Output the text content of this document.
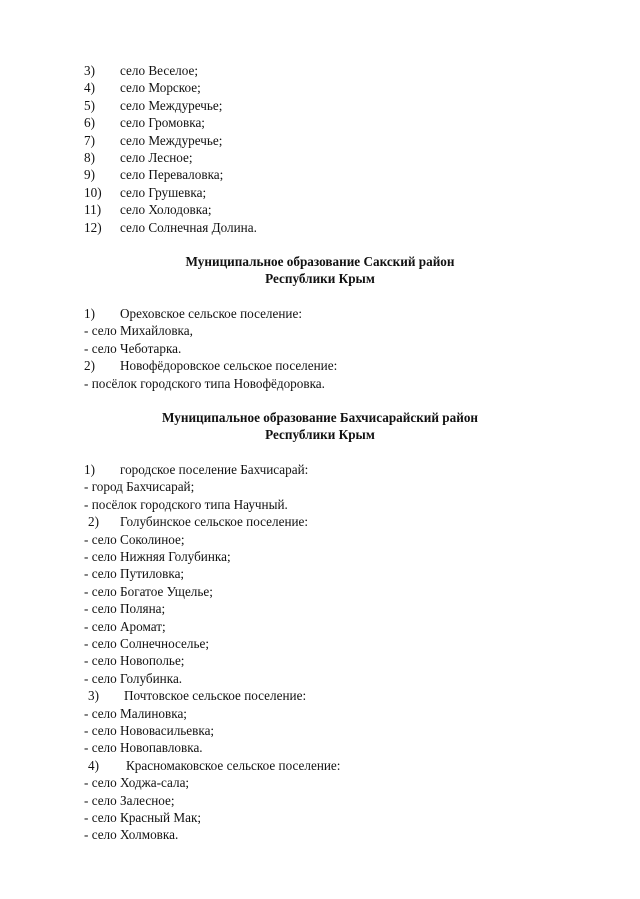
3) село Веселое;
4) село Морское;
5) село Междуречье;
6) село Громовка;
7) село Междуречье;
8) село Лесное;
9) село Переваловка;
10) село Грушевка;
11) село Холодовка;
12) село Солнечная Долина.
Муниципальное образование Сакский район
Республики Крым
1) Ореховское сельское поселение:
- село Михайловка,
- село Чеботарка.
2) Новофёдоровское сельское поселение:
- посёлок городского типа Новофёдоровка.
Муниципальное образование Бахчисарайский район
Республики Крым
1) городское поселение Бахчисарай:
- город Бахчисарай;
- посёлок городского типа Научный.
2) Голубинское сельское поселение:
- село Соколиное;
- село Нижняя Голубинка;
- село Путиловка;
- село Богатое Ущелье;
- село Поляна;
- село Аромат;
- село Солнечноселье;
- село Новополье;
- село Голубинка.
3) Почтовское сельское поселение:
- село Малиновка;
- село Нововасильевка;
- село Новопавловка.
4) Красномаковское сельское поселение:
- село Ходжа-сала;
- село Залесное;
- село Красный Мак;
- село Холмовка.
